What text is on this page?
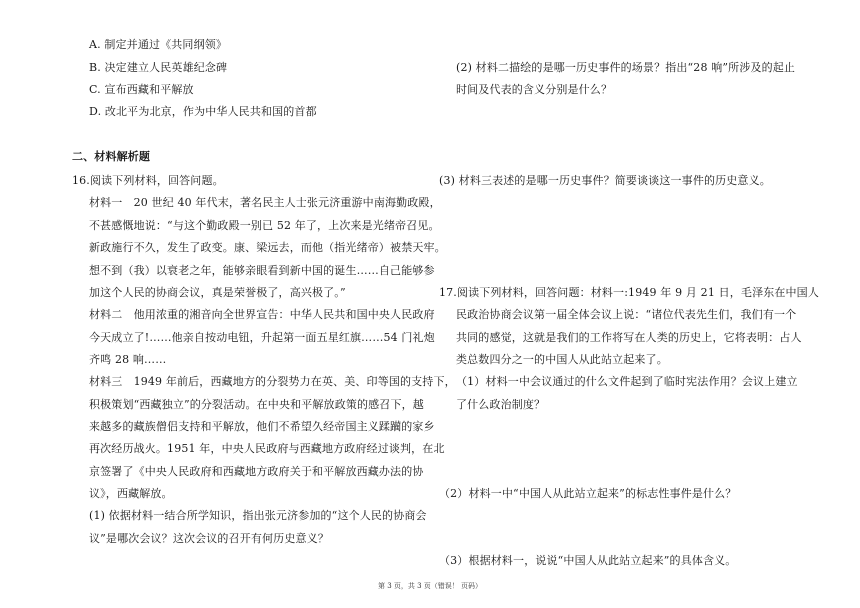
A. 制定并通过《共同纲领》
B. 决定建立人民英雄纪念碑
C. 宣布西藏和平解放
D. 改北平为北京，作为中华人民共和国的首都
二、材料解析题
16.阅读下列材料，回答问题。
材料一　20 世纪 40 年代末，著名民主人士张元济重游中南海勤政殿，
不甚感慨地说：“与这个勤政殿一别已 52 年了，上次来是光绪帝召见。
新政施行不久，发生了政变。康、梁远去，而他（指光绪帝）被禁天牢。
想不到（我）以衰老之年，能够亲眼看到新中国的诞生……自己能够参
加这个人民的协商会议，真是荣誉极了，高兴极了。”
材料二　他用浓重的湘音向全世界宣告：中华人民共和国中央人民政府
今天成立了!……他亲自按动电钮，升起第一面五星红旗……54 门礼炮
齐鸣 28 响……
材料三　1949 年前后，西藏地方的分裂势力在英、美、印等国的支持下，
积极策划“西藏独立”的分裂活动。在中央和平解放政策的感召下，越
来越多的藏族僧侣支持和平解放，他们不希望久经帝国主义蹂躏的家乡
再次经历战火。1951 年，中央人民政府与西藏地方政府经过谈判，在北
京签署了《中央人民政府和西藏地方政府关于和平解放西藏办法的协
议》，西藏解放。
(1) 依据材料一结合所学知识，指出张元济参加的“这个人民的协商会
议”是哪次会议？这次会议的召开有何历史意义？
(2) 材料二描绘的是哪一历史事件的场景？指出“28 响”所涉及的起止
时间及代表的含义分别是什么？
(3) 材料三表述的是哪一历史事件？简要谈谈这一事件的历史意义。
17.阅读下列材料，回答问题：材料一:1949 年 9 月 21 日，毛泽东在中国人
民政治协商会议第一届全体会议上说：“诸位代表先生们，我们有一个
共同的感觉，这就是我们的工作将写在人类的历史上，它将表明：占人
类总数四分之一的中国人从此站立起来了。
（1）材料一中会议通过的什么文件起到了临时宪法作用？会议上建立
了什么政治制度？
（2）材料一中“中国人从此站立起来”的标志性事件是什么？
（3）根据材料一，说说“中国人从此站立起来”的具体含义。
第 3 页，共 3 页（错误！ 页码）
